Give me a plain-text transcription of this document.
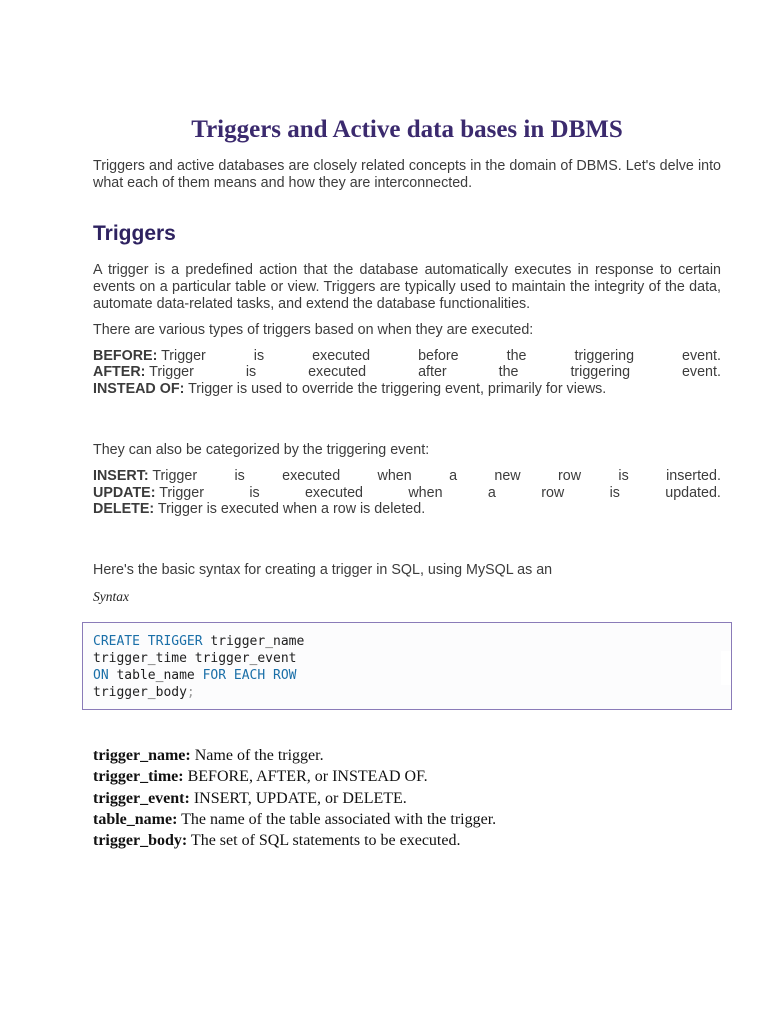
Triggers and Active data bases in DBMS

Triggers and active databases are closely related concepts in the domain of DBMS. Let's delve into what each of them means and how they are interconnected.

Triggers

A trigger is a predefined action that the database automatically executes in response to certain events on a particular table or view. Triggers are typically used to maintain the integrity of the data, automate data-related tasks, and extend the database functionalities.

There are various types of triggers based on when they are executed:

BEFORE: Trigger	is	executed	before	the	triggering	event.
AFTER: Trigger	is	executed	after	the	triggering	event.
INSTEAD OF: Trigger is used to override the triggering event, primarily for views.

They can also be categorized by the triggering event:

INSERT: Trigger	is	executed	when	a	new	row	is	inserted.
UPDATE: Trigger	is	executed	when	a	row	is	updated.
DELETE: Trigger is executed when a row is deleted.

Here's the basic syntax for creating a trigger in SQL, using MySQL as an

Syntax

CREATE TRIGGER trigger_name
trigger_time trigger_event
ON table_name FOR EACH ROW
trigger_body;
trigger_name: Name of the trigger.
trigger_time: BEFORE, AFTER, or INSTEAD OF.
trigger_event: INSERT, UPDATE, or DELETE.
table_name: The name of the table associated with the trigger.
trigger_body: The set of SQL statements to be executed.
